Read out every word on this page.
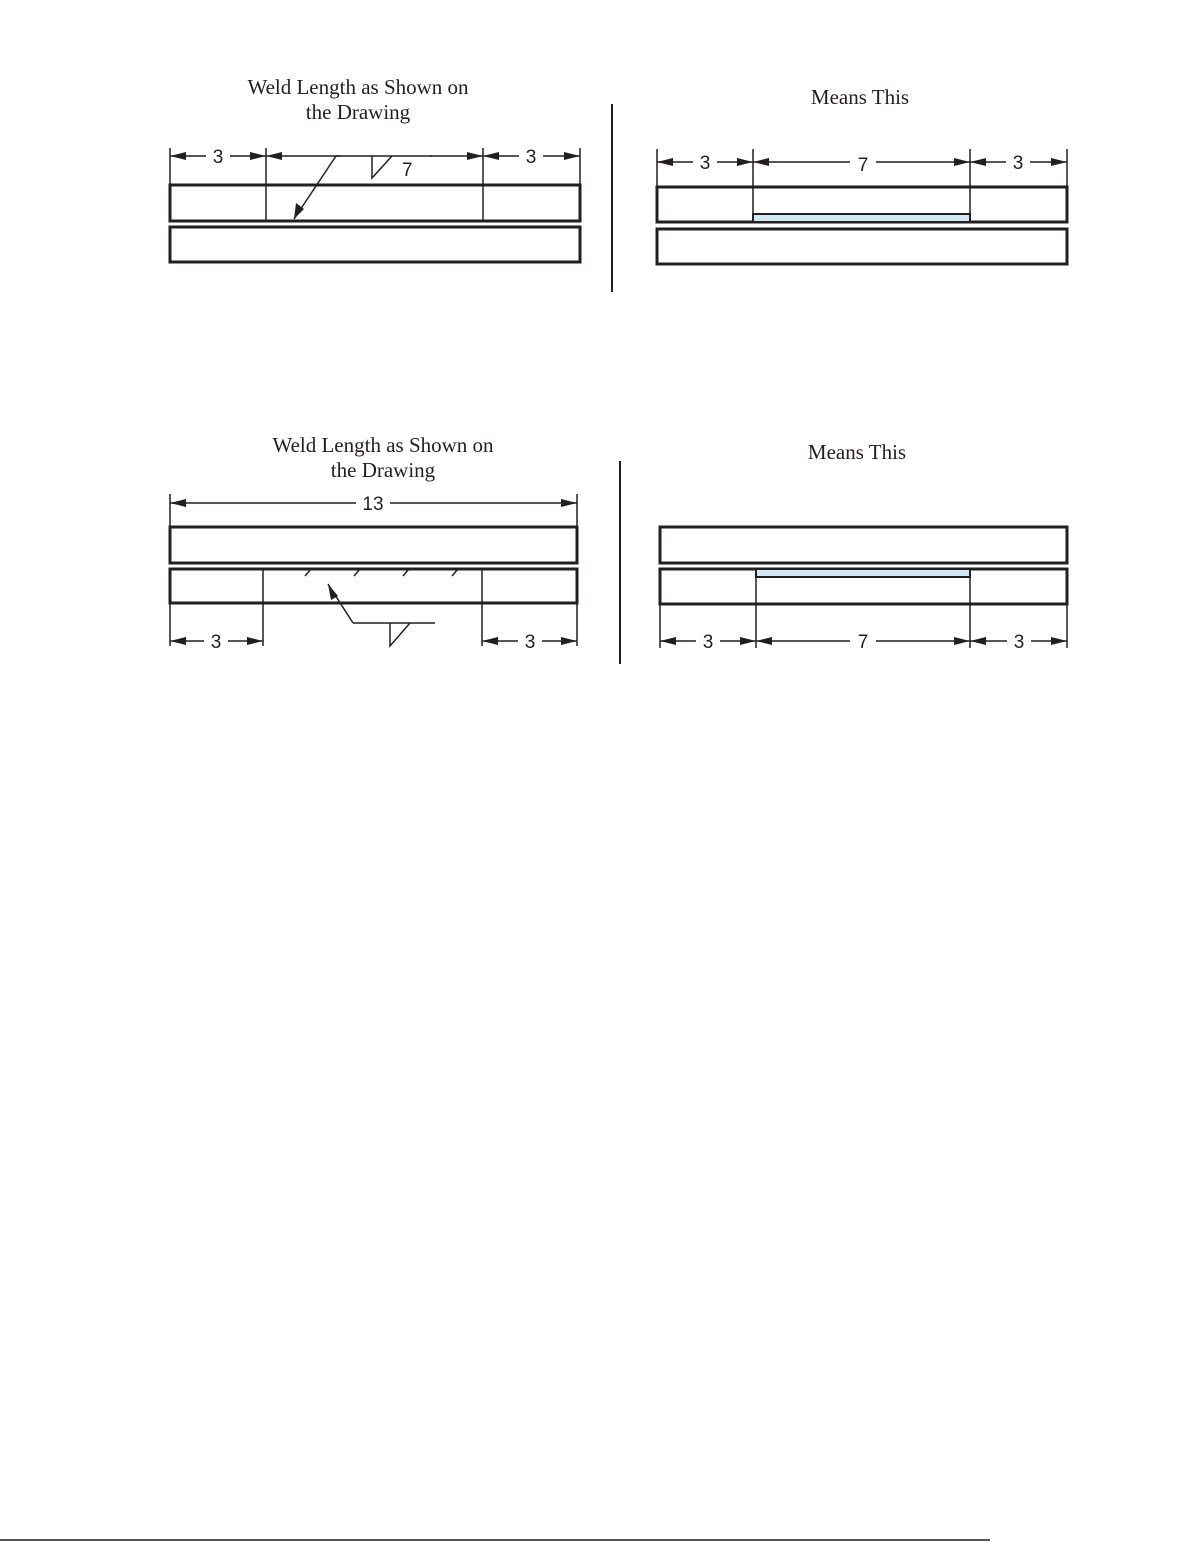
Weld Length as Shown on
the Drawing
3	3
7
Means This
3	7	3
Weld Length as Shown on
the Drawing
13
3	3
Means This
3	7	3
